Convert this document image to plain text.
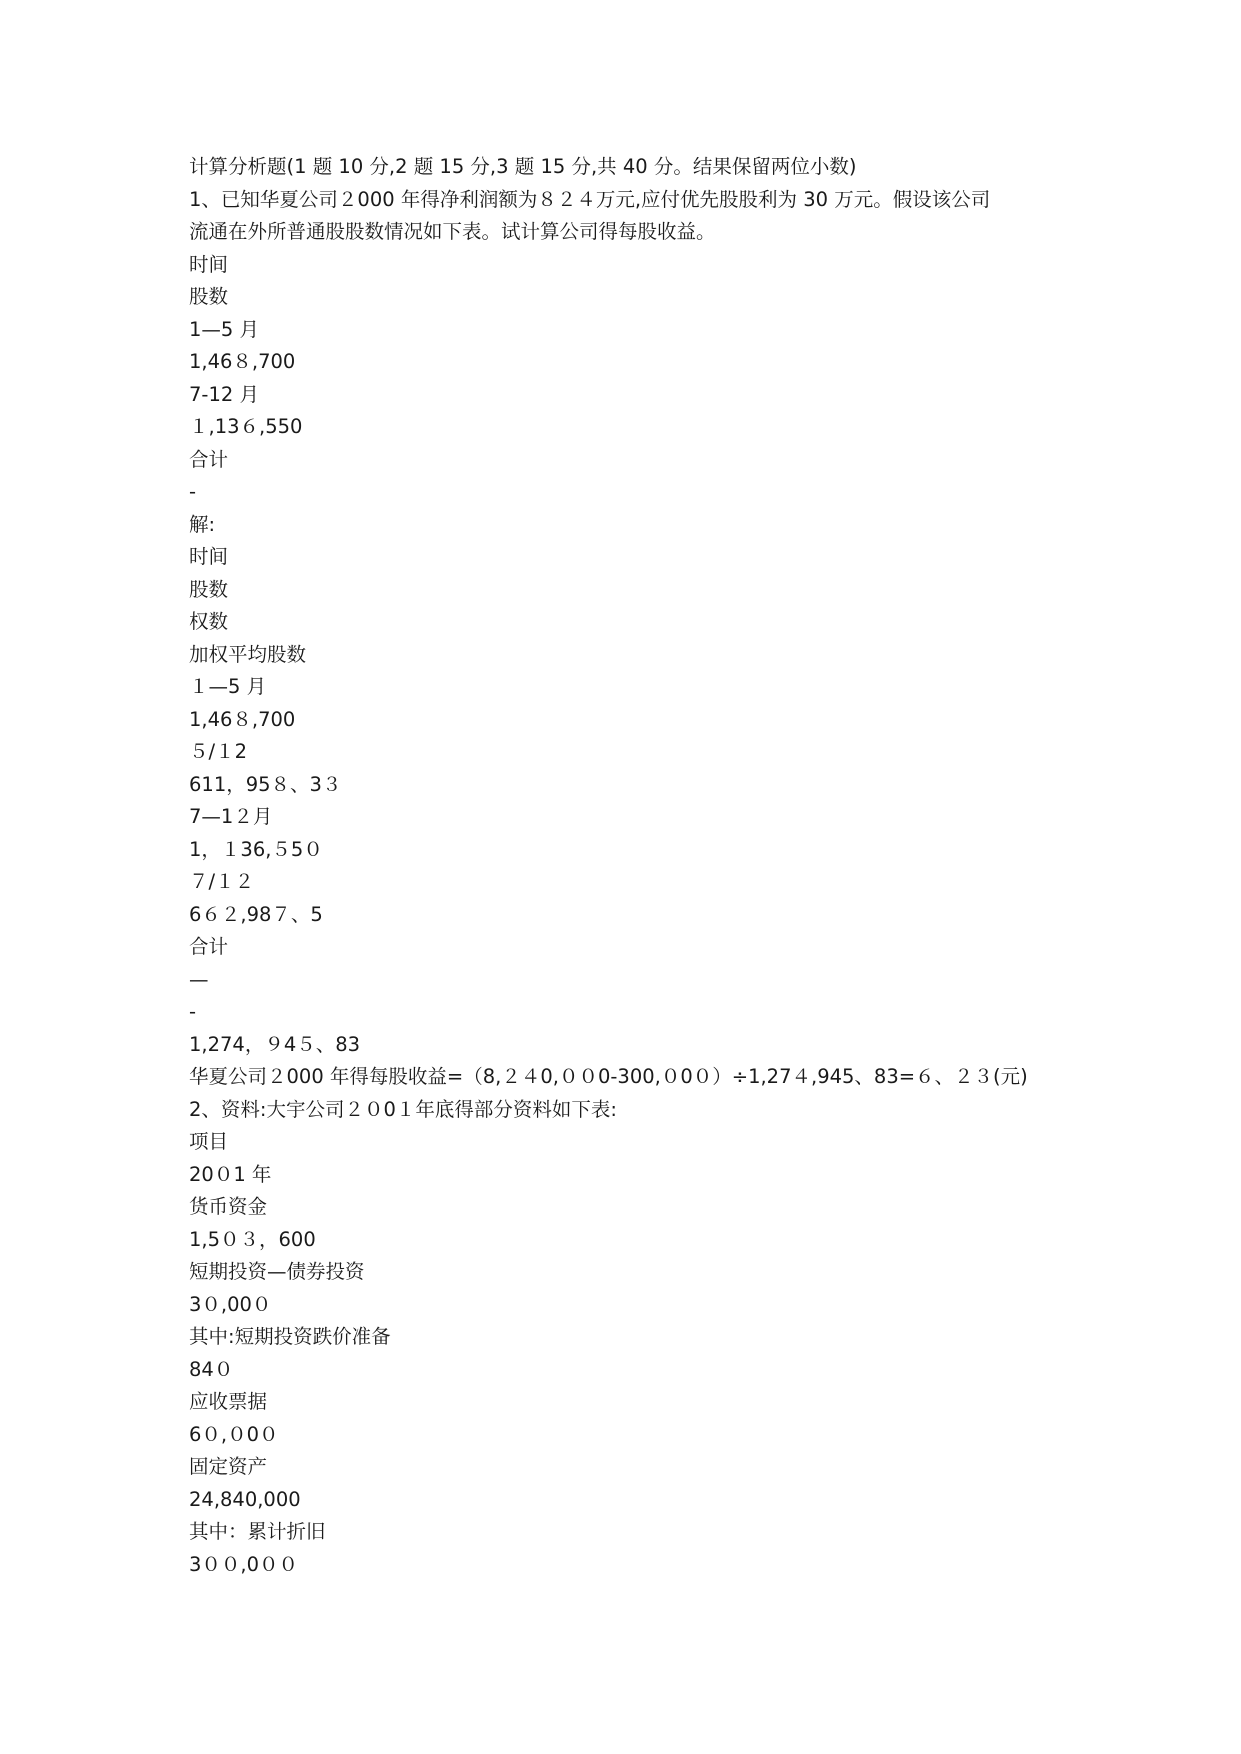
计算分析题(1 题 10 分,2 题 15 分,3 题 15 分,共 40 分。结果保留两位小数)
1、已知华夏公司２000 年得净利润额为８２４万元,应付优先股股利为 30 万元。假设该公司
流通在外所普通股股数情况如下表。试计算公司得每股收益。
时间
股数
1—5 月
1,46８,700
7-12 月
１,13６,550
合计
-
解:
时间
股数
权数
加权平均股数
１—5 月
1,46８,700
５/１2
611，95８、3３
7—1２月
1，１36,５5０
７/１２
6６２,98７、5
合计
—
-
1,274，９4５、83
华夏公司２000 年得每股收益=（8,２４0,００0-300,０0０）÷1,27４,945、83=６、２３(元)
2、资料:大宇公司２０0１年底得部分资料如下表:
项目
20０1 年
货币资金
1,5０３，600
短期投资—债券投资
3０,00０
其中:短期投资跌价准备
84０
应收票据
6０,０0０
固定资产
24,840,000
其中：累计折旧
3００,0００
